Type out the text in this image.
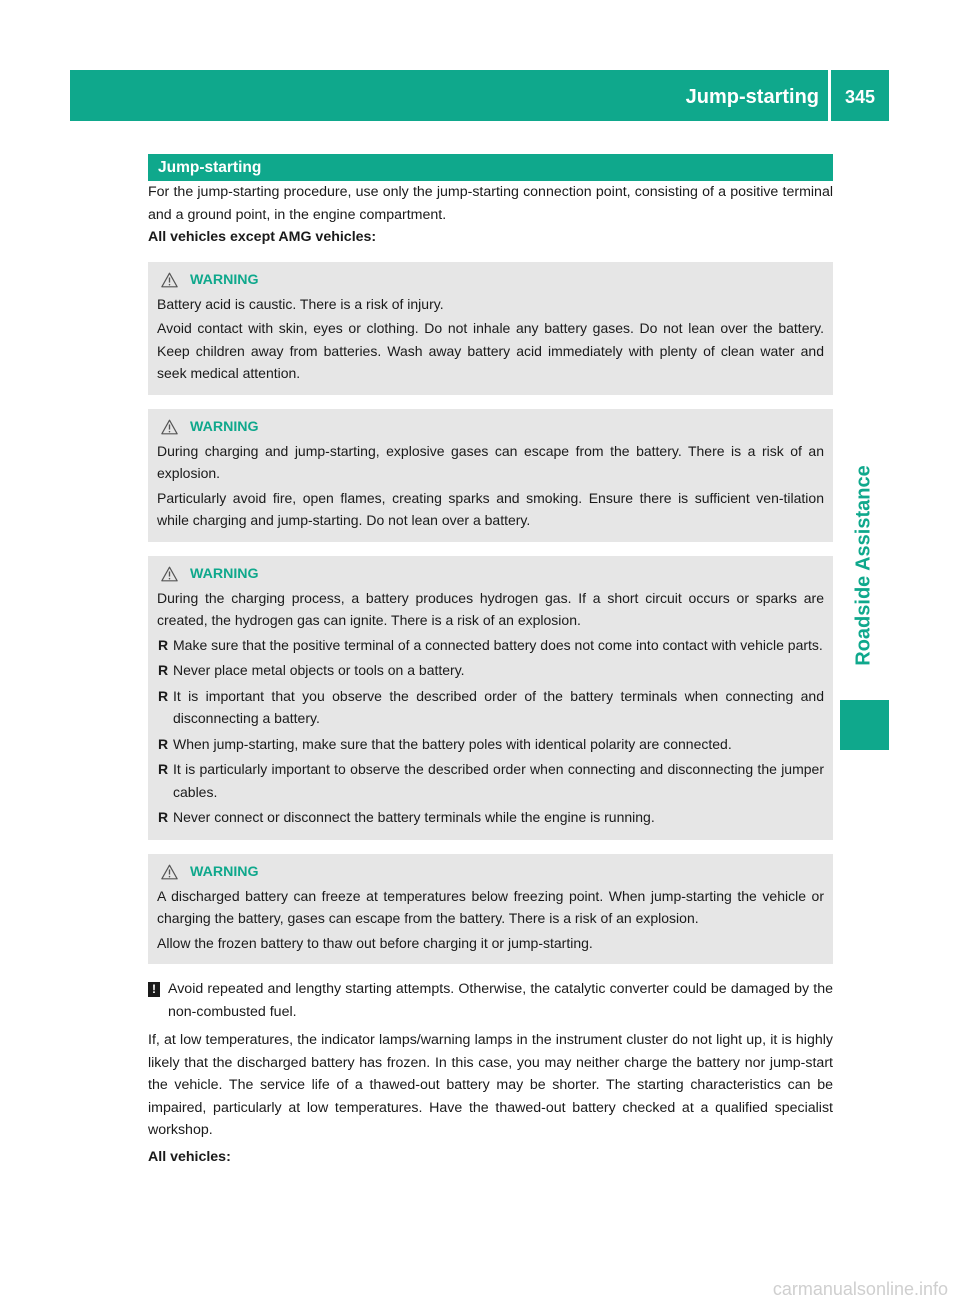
Jump-starting	345
Roadside Assistance
Jump-starting

For the jump-starting procedure, use only the jump-starting connection point, consisting of a positive terminal and a ground point, in the engine compartment.

All vehicles except AMG vehicles:
WARNING

Battery acid is caustic. There is a risk of injury.

Avoid contact with skin, eyes or clothing. Do not inhale any battery gases. Do not lean over the battery. Keep children away from batteries. Wash away battery acid immediately with plenty of clean water and seek medical attention.

WARNING

During charging and jump-starting, explosive gases can escape from the battery. There is a risk of an explosion.

Particularly avoid fire, open flames, creating sparks and smoking. Ensure there is sufficient ven-tilation while charging and jump-starting. Do not lean over a battery.

WARNING

During the charging process, a battery produces hydrogen gas. If a short circuit occurs or sparks are created, the hydrogen gas can ignite. There is a risk of an explosion.

R Make sure that the positive terminal of a connected battery does not come into contact with vehicle parts.
R Never place metal objects or tools on a battery.
R It is important that you observe the described order of the battery terminals when connecting and disconnecting a battery.
R When jump-starting, make sure that the battery poles with identical polarity are connected.
R It is particularly important to observe the described order when connecting and disconnecting the jumper cables.
R Never connect or disconnect the battery terminals while the engine is running.
WARNING

A discharged battery can freeze at temperatures below freezing point. When jump-starting the vehicle or charging the battery, gases can escape from the battery. There is a risk of an explosion.

Allow the frozen battery to thaw out before charging it or jump-starting.

! Avoid repeated and lengthy starting attempts. Otherwise, the catalytic converter could be damaged by the non-combusted fuel.

If, at low temperatures, the indicator lamps/warning lamps in the instrument cluster do not light up, it is highly likely that the discharged battery has frozen. In this case, you may neither charge the battery nor jump-start the vehicle. The service life of a thawed-out battery may be shorter. The starting characteristics can be impaired, particularly at low temperatures. Have the thawed-out battery checked at a qualified specialist workshop.

All vehicles:
carmanualsonline.info
